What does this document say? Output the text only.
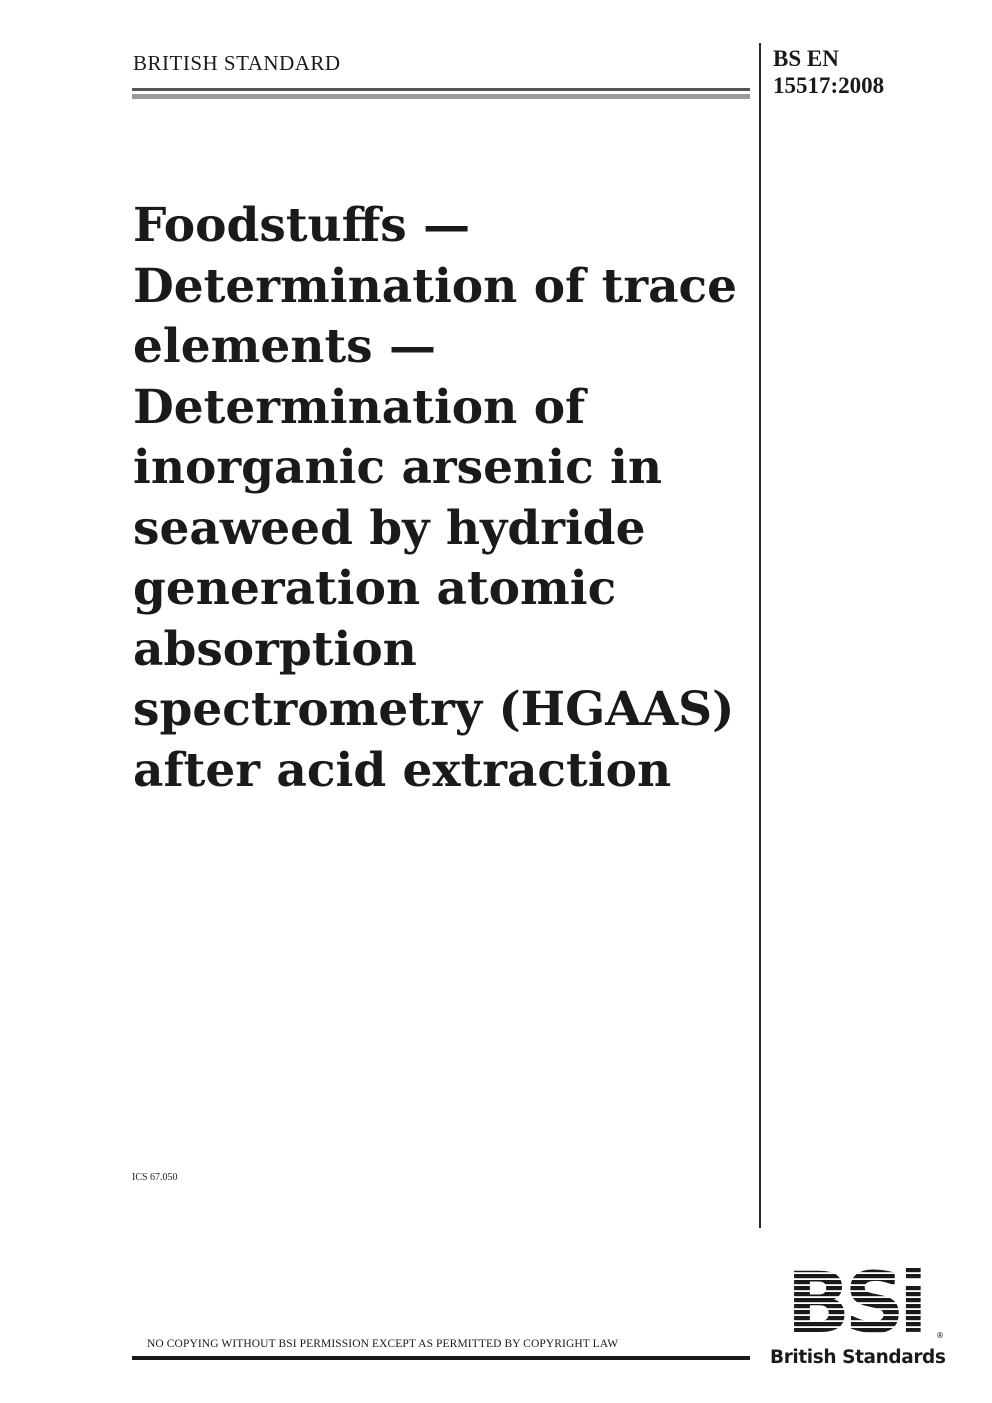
BRITISH STANDARD	BS EN
15517:2008
Foodstuffs —
Determination of trace
elements —
Determination of
inorganic arsenic in
seaweed by hydride
generation atomic
absorption
spectrometry (HGAAS)
after acid extraction
ICS 67.050
NO COPYING WITHOUT BSI PERMISSION EXCEPT AS PERMITTED BY COPYRIGHT LAW BSi ®
British Standards
